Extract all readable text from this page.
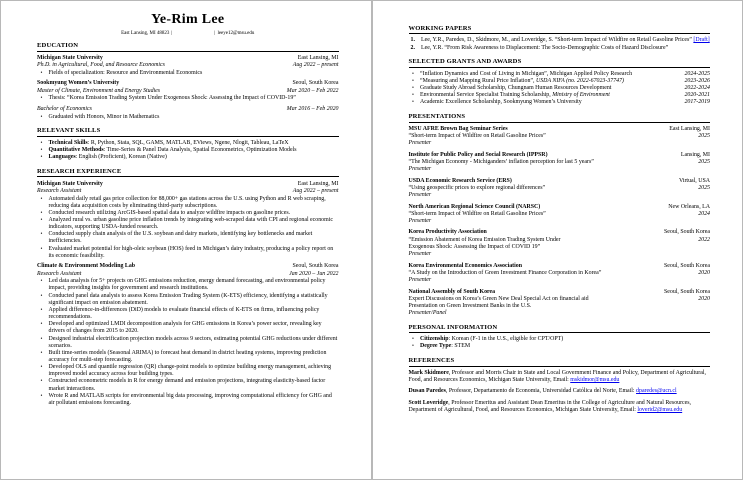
Ye-Rim Lee
East Lansing, MI 48823 |	| leeye12@msu.edu
EDUCATION
Michigan State University	East Lansing, MI
Ph.D. in Agricultural, Food, and Resource Economics	Aug 2022 – present
• Fields of specialization: Resource and Environmental Economics
Sookmyung Women’s University	Seoul, South Korea
Master of Climate, Environment and Energy Studies	Mar 2020 – Feb 2022
• Thesis: “Korea Emission Trading System Under Exogenous Shock: Assessing the Impact of COVID-19”
Bachelor of Economics	Mar 2016 – Feb 2020
• Graduated with Honors, Minor in Mathematics
RELEVANT SKILLS
• Technical Skills: R, Python, Stata, SQL, GAMS, MATLAB, EViews, Ngene, Nlogit, Tableau, LaTeX
• Quantitative Methods: Time-Series & Panel Data Analysis, Spatial Econometrics, Optimization Models
• Languages: English (Proficient), Korean (Native)
RESEARCH EXPERIENCE
Michigan State University	East Lansing, MI
Research Assistant	Aug 2022 – present
• Automated daily retail gas price collection for 88,000+ gas stations across the U.S. using Python and R web scraping, reducing data acquisition costs by eliminating third-party subscriptions.
• Conducted research utilizing ArcGIS-based spatial data to analyze wildfire impacts on gasoline prices.
• Analyzed rural vs. urban gasoline price inflation trends by integrating web-scraped data with CPI and regional economic indicators, supporting USDA-funded research.
• Conducted supply chain analysis of the U.S. soybean and dairy markets, identifying key bottlenecks and market inefficiencies.
• Evaluated market potential for high-oleic soybean (HOS) feed in Michigan’s dairy industry, producing a policy report on its economic feasibility.
Climate & Environment Modeling Lab	Seoul, South Korea
Research Assistant	Jan 2020 – Jun 2022
• Led data analysis for 5+ projects on GHG emissions reduction, energy demand forecasting, and environmental policy impact, providing insights for government and research institutions.
• Conducted panel data analysis to assess Korea Emission Trading System (K-ETS) efficiency, identifying a statistically significant impact on emission abatement.
• Applied difference-in-differences (DiD) models to evaluate financial effects of K-ETS on firms, influencing policy recommendations.
• Developed and optimized LMDI decomposition analysis for GHG emissions in Korea’s power sector, revealing key drivers of changes from 2015 to 2020.
• Designed industrial electrification projection models across 9 sectors, estimating potential GHG reductions under different scenarios.
• Built time-series models (Seasonal ARIMA) to forecast heat demand in district heating systems, improving prediction accuracy for multi-step forecasting.
• Developed OLS and quantile regression (QR) change-point models to optimize building energy management, achieving improved model accuracy across four building types.
• Constructed econometric models in R for energy demand and emission projections, integrating elasticity-based factor market interactions.
• Wrote R and MATLAB scripts for environmental big data processing, improving computational efficiency for GHG and air pollutant emissions forecasting.
WORKING PAPERS
1. Lee, Y.R., Paredes, D., Skidmore, M., and Loveridge, S. “Short-term Impact of Wildfire on Retail Gasoline Prices” [Draft]
2. Lee, Y.R. “From Risk Awareness to Displacement: The Socio-Demographic Costs of Hazard Disclosure”
SELECTED GRANTS AND AWARDS
• “Inflation Dynamics and Cost of Living in Michigan”, Michigan Applied Policy Research	2024-2025
• “Measuring and Mapping Rural Price Inflation”, USDA NIFA (no. 2022-67023-37747)	2023-2026
• Graduate Study Abroad Scholarship, Chungnam Human Resources Development	2022-2024
• Environmental Service Specialist Training Scholarship, Ministry of Environment	2020-2021
• Academic Excellence Scholarship, Sookmyung Women’s University	2017-2019
PRESENTATIONS
MSU AFRE Brown Bag Seminar Series	East Lansing, MI
“Short-term Impact of Wildfire on Retail Gasoline Prices”	2025
Presenter
Institute for Public Policy and Social Research (IPPSR)	Lansing, MI
“The Michigan Economy - Michiganders’ inflation perception for last 5 years”	2025
Presenter
USDA Economic Research Service (ERS)	Virtual, USA
“Using geospecific prices to explore regional differences”	2025
Presenter
North American Regional Science Council (NARSC)	New Orleans, LA
“Short-term Impact of Wildfire on Retail Gasoline Prices”	2024
Presenter
Korea Productivity Association	Seoul, South Korea
“Emission Abatement of Korea Emission Trading System Under	2022
Exogenous Shock: Assessing the Impact of COVID 19”
Presenter
Korea Environmental Economics Association	Seoul, South Korea
“A Study on the Introduction of Green Investment Finance Corporation in Korea”	2020
Presenter
National Assembly of South Korea	Seoul, South Korea
Expert Discussions on Korea’s Green New Deal Special Act on financial aid	2020
Presentation on Green Investment Banks in the U.S.
Presenter/Panel
PERSONAL INFORMATION
• Citizenship: Korean (F-1 in the U.S., eligible for CPT/OPT)
• Degree Type: STEM
REFERENCES

Mark Skidmore, Professor and Morris Chair in State and Local Government Finance and Policy, Department of Agricultural, Food, and Resources Economics, Michigan State University, Email: mskidmor@msu.edu

Dusan Paredes, Professor, Departamento de Economia, Universidad Católica del Norte, Email: dparedes@ucn.cl

Scott Loveridge, Professor Emeritus and Assistant Dean Emeritus in the College of Agriculture and Natural Resources, Department of Agricultural, Food, and Resources Economics, Michigan State University, Email: loverid2@msu.edu
